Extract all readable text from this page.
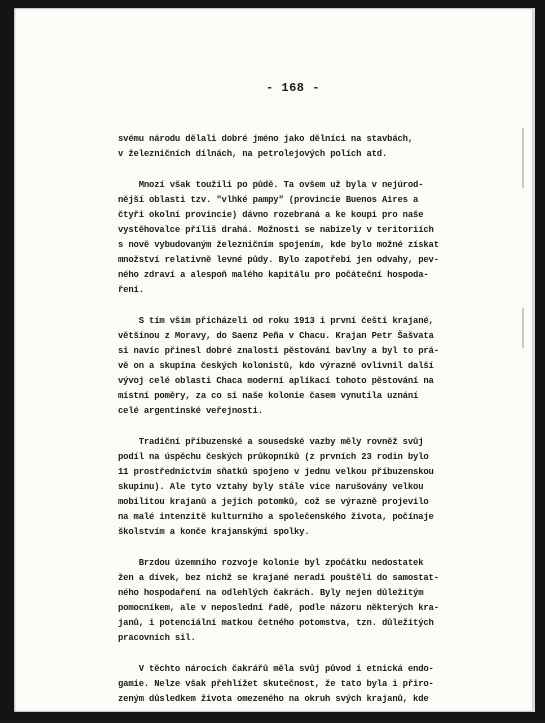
- 168 -
svému národu dělali dobré jméno jako dělníci na stavbách,
v železničních dílnách, na petrolejových polích atd.
Mnozí však toužili po půdě. Ta ovšem už byla v nejúrod-
nější oblasti tzv. "vlhké pampy" (provincie Buenos Aires a
čtyři okolní provincie) dávno rozebraná a ke koupi pro naše
vystěhovalce příliš drahá. Možnosti se nabízely v teritoriích
s nově vybudovaným železničním spojením, kde bylo možné získat
množství relativně levné půdy. Bylo zapotřebí jen odvahy, pev-
ného zdraví a alespoň malého kapitálu pro počáteční hospoda-
ření.
S tím vším přicházeli od roku 1913 i první čeští krajané,
většinou z Moravy, do Saenz Peña v Chacu. Krajan Petr Šašvata
si navíc přinesl dobré znalosti pěstování bavlny a byl to prá-
vě on a skupina českých kolonistů, kdo výrazně ovlivnil další
vývoj celé oblasti Chaca moderní aplikací tohoto pěstování na
místní poměry, za co si naše kolonie časem vynutila uznání
celé argentinské veřejnosti.
Tradiční příbuzenské a sousedské vazby měly rovněž svůj
podíl na úspěchu českých průkopníků (z prvních 23 rodin bylo
11 prostřednictvím sňatků spojeno v jednu velkou příbuzenskou
skupinu). Ale tyto vztahy byly stále více narušovány velkou
mobilitou krajanů a jejich potomků, což se výrazně projevilo
na malé intenzitě kulturního a společenského života, počínaje
školstvím a konče krajanskými spolky.
Brzdou územního rozvoje kolonie byl zpočátku nedostatek
žen a dívek, bez nichž se krajané neradi pouštěli do samostat-
ného hospodaření na odlehlých čakrách. Byly nejen důležitým
pomocníkem, ale v neposlední řadě, podle názoru některých kra-
janů, i potenciální matkou četného potomstva, tzn. důležitých
pracovních sil.
V těchto nárocích čakrářů měla svůj původ i etnická endo-
gamie. Nelze však přehlížet skutečnost, že tato byla i přiro-
zeným důsledkem života omezeného na okruh svých krajanů, kde
